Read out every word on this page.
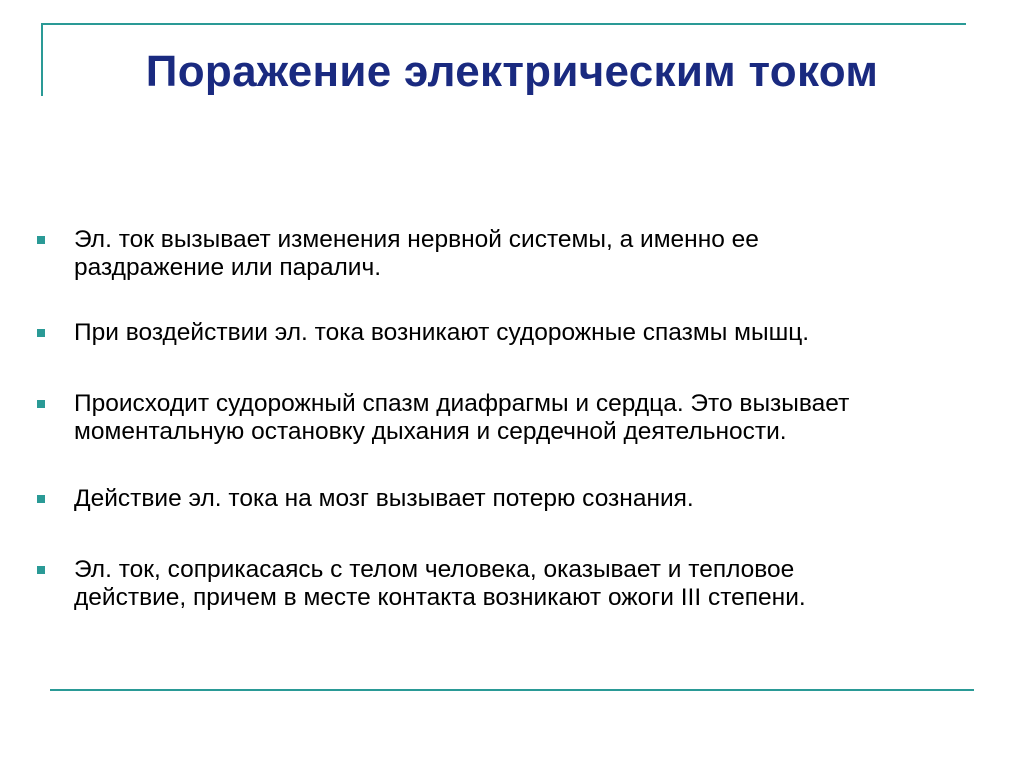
Поражение электрическим током
Эл. ток вызывает изменения нервной системы, а именно ее
раздражение или паралич.
При воздействии эл. тока возникают судорожные спазмы мышц.
Происходит судорожный спазм диафрагмы и сердца. Это вызывает
моментальную остановку дыхания и сердечной деятельности.
Действие эл. тока на мозг вызывает потерю сознания.
Эл. ток, соприкасаясь с телом человека, оказывает и тепловое
действие, причем в месте контакта возникают ожоги III степени.
